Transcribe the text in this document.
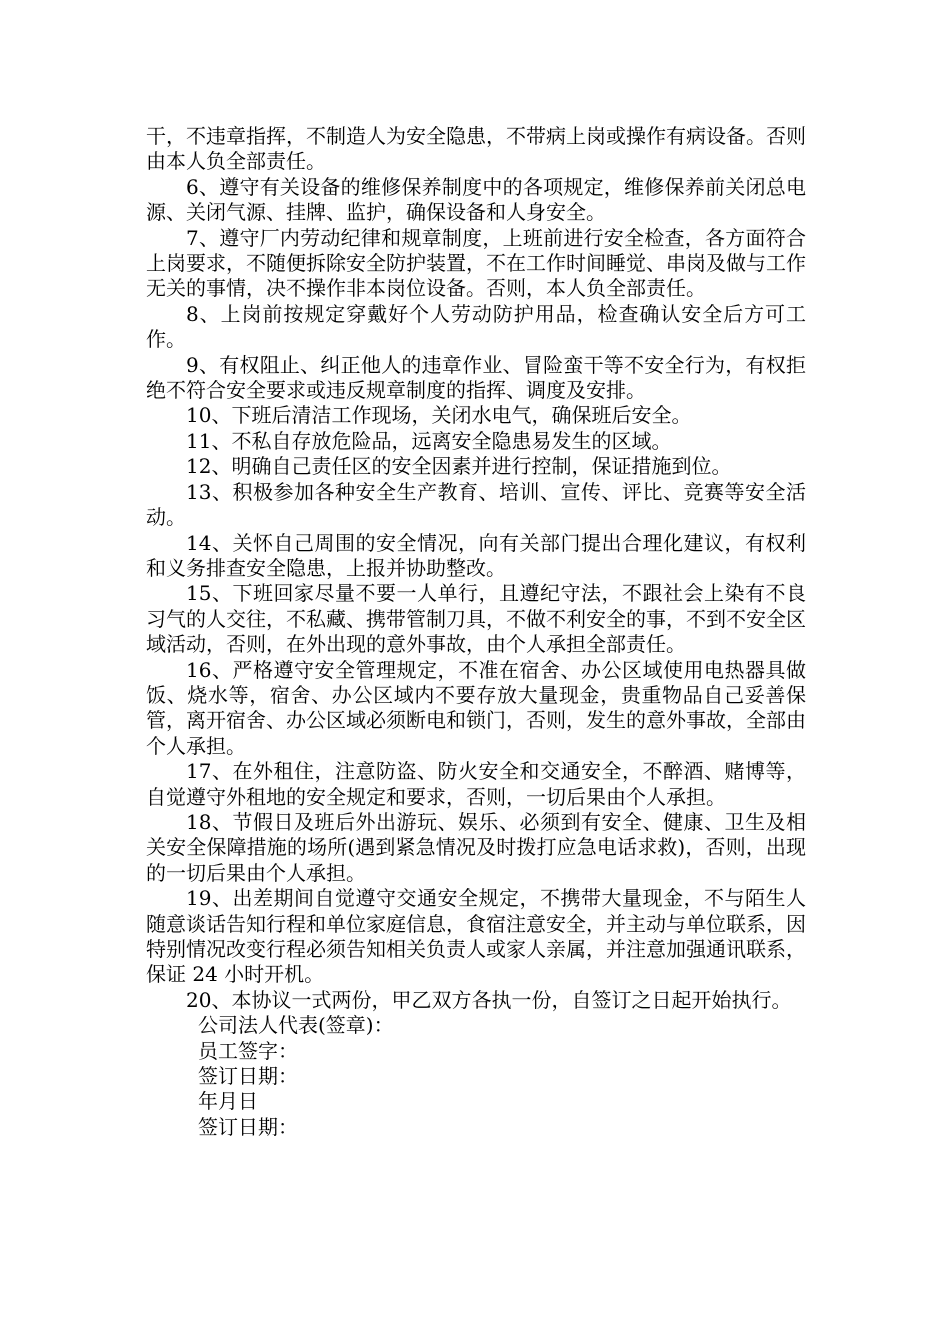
干，不违章指挥，不制造人为安全隐患，不带病上岗或操作有病设备。否则由本人负全部责任。

6、遵守有关设备的维修保养制度中的各项规定，维修保养前关闭总电源、关闭气源、挂牌、监护，确保设备和人身安全。

7、遵守厂内劳动纪律和规章制度，上班前进行安全检查，各方面符合上岗要求，不随便拆除安全防护装置，不在工作时间睡觉、串岗及做与工作无关的事情，决不操作非本岗位设备。否则，本人负全部责任。

8、上岗前按规定穿戴好个人劳动防护用品，检查确认安全后方可工作。

9、有权阻止、纠正他人的违章作业、冒险蛮干等不安全行为，有权拒绝不符合安全要求或违反规章制度的指挥、调度及安排。

10、下班后清洁工作现场，关闭水电气，确保班后安全。

11、不私自存放危险品，远离安全隐患易发生的区域。

12、明确自己责任区的安全因素并进行控制，保证措施到位。

13、积极参加各种安全生产教育、培训、宣传、评比、竞赛等安全活动。

14、关怀自己周围的安全情况，向有关部门提出合理化建议，有权利和义务排查安全隐患，上报并协助整改。

15、下班回家尽量不要一人单行，且遵纪守法，不跟社会上染有不良习气的人交往，不私藏、携带管制刀具，不做不利安全的事，不到不安全区域活动，否则，在外出现的意外事故，由个人承担全部责任。

16、严格遵守安全管理规定，不准在宿舍、办公区域使用电热器具做饭、烧水等，宿舍、办公区域内不要存放大量现金，贵重物品自己妥善保管，离开宿舍、办公区域必须断电和锁门，否则，发生的意外事故，全部由个人承担。

17、在外租住，注意防盗、防火安全和交通安全，不醉酒、赌博等，自觉遵守外租地的安全规定和要求，否则，一切后果由个人承担。

18、节假日及班后外出游玩、娱乐、必须到有安全、健康、卫生及相关安全保障措施的场所(遇到紧急情况及时拨打应急电话求救)，否则，出现的一切后果由个人承担。

19、出差期间自觉遵守交通安全规定，不携带大量现金，不与陌生人随意谈话告知行程和单位家庭信息，食宿注意安全，并主动与单位联系，因特别情况改变行程必须告知相关负责人或家人亲属，并注意加强通讯联系，保证 24 小时开机。

20、本协议一式两份，甲乙双方各执一份，自签订之日起开始执行。

公司法人代表(签章)：

员工签字：

签订日期：

年月日

签订日期：
